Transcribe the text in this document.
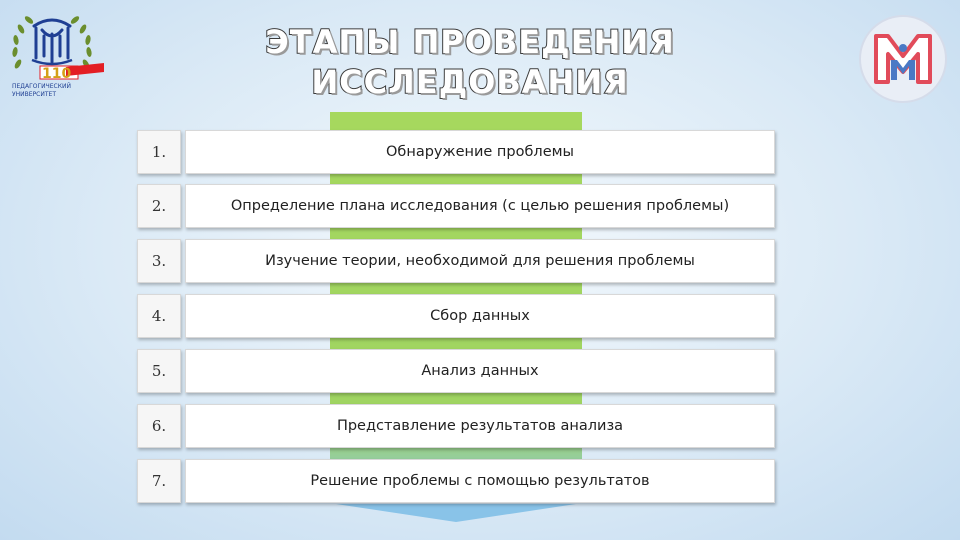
110
ПЕДАГОГИЧЕСКИЙ
УНИВЕРСИТЕТ
ЭТАПЫ ПРОВЕДЕНИЯ
ИССЛЕДОВАНИЯ
1.	Обнаружение проблемы
2.	Определение плана исследования (с целью решения проблемы)
3.	Изучение теории, необходимой для решения проблемы
4.	Сбор данных
5.	Анализ данных
6.	Представление результатов анализа
7.	Решение проблемы с помощью результатов
